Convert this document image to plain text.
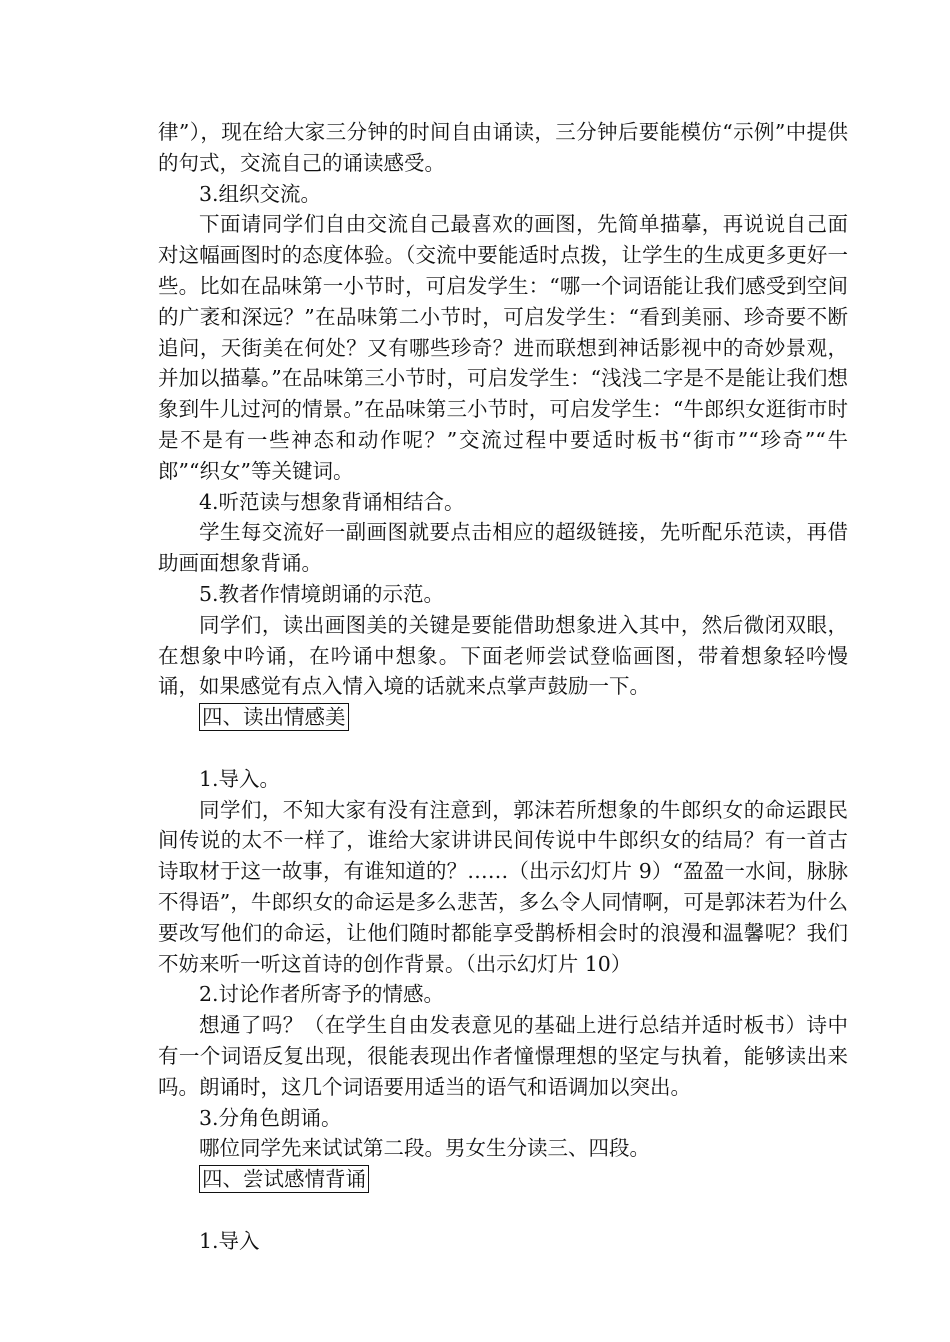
律”），现在给大家三分钟的时间自由诵读，三分钟后要能模仿“示例”中提供的句式，交流自己的诵读感受。

3.组织交流。

下面请同学们自由交流自己最喜欢的画图，先简单描摹，再说说自己面对这幅画图时的态度体验。（交流中要能适时点拨，让学生的生成更多更好一些。比如在品味第一小节时，可启发学生：“哪一个词语能让我们感受到空间的广袤和深远？”在品味第二小节时，可启发学生：“看到美丽、珍奇要不断追问，天街美在何处？又有哪些珍奇？进而联想到神话影视中的奇妙景观，并加以描摹。”在品味第三小节时，可启发学生：“浅浅二字是不是能让我们想象到牛儿过河的情景。”在品味第三小节时，可启发学生：“牛郎织女逛街市时是不是有一些神态和动作呢？”交流过程中要适时板书“街市”“珍奇”“牛郎”“织女”等关键词。

4.听范读与想象背诵相结合。

学生每交流好一副画图就要点击相应的超级链接，先听配乐范读，再借助画面想象背诵。

5.教者作情境朗诵的示范。

同学们，读出画图美的关键是要能借助想象进入其中，然后微闭双眼，在想象中吟诵，在吟诵中想象。下面老师尝试登临画图，带着想象轻吟慢诵，如果感觉有点入情入境的话就来点掌声鼓励一下。

四、读出情感美

1.导入。

同学们，不知大家有没有注意到，郭沫若所想象的牛郎织女的命运跟民间传说的太不一样了，谁给大家讲讲民间传说中牛郎织女的结局？有一首古诗取材于这一故事，有谁知道的？……（出示幻灯片 9）“盈盈一水间，脉脉不得语”，牛郎织女的命运是多么悲苦，多么令人同情啊，可是郭沫若为什么要改写他们的命运，让他们随时都能享受鹊桥相会时的浪漫和温馨呢？我们不妨来听一听这首诗的创作背景。（出示幻灯片 10）

2.讨论作者所寄予的情感。

想通了吗？（在学生自由发表意见的基础上进行总结并适时板书）诗中有一个词语反复出现，很能表现出作者憧憬理想的坚定与执着，能够读出来吗。朗诵时，这几个词语要用适当的语气和语调加以突出。

3.分角色朗诵。

哪位同学先来试试第二段。男女生分读三、四段。

四、尝试感情背诵

1.导入
